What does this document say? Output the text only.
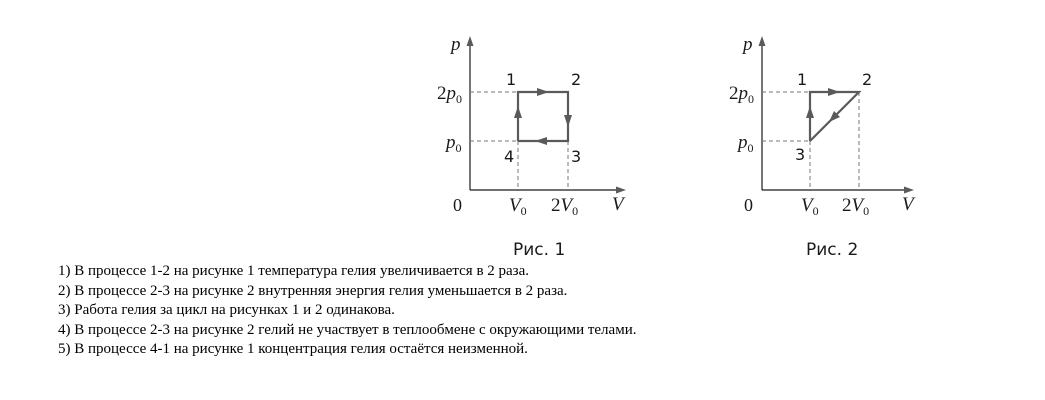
p
V
0
$2p_0$
$p_0$
$V_0$ $2V_0$
1	2
3
4
Рис. 1
p
V
0
$2p_0$
$p_0$
$V_0$ $2V_0$
1	2
3
Рис. 2
1) В процессе 1-2 на рисунке 1 температура гелия увеличивается в 2 раза.
2) В процессе 2-3 на рисунке 2 внутренняя энергия гелия уменьшается в 2 раза.
3) Работа гелия за цикл на рисунках 1 и 2 одинакова.
4) В процессе 2-3 на рисунке 2 гелий не участвует в теплообмене с окружающими телами.
5) В процессе 4-1 на рисунке 1 концентрация гелия остаётся неизменной.
